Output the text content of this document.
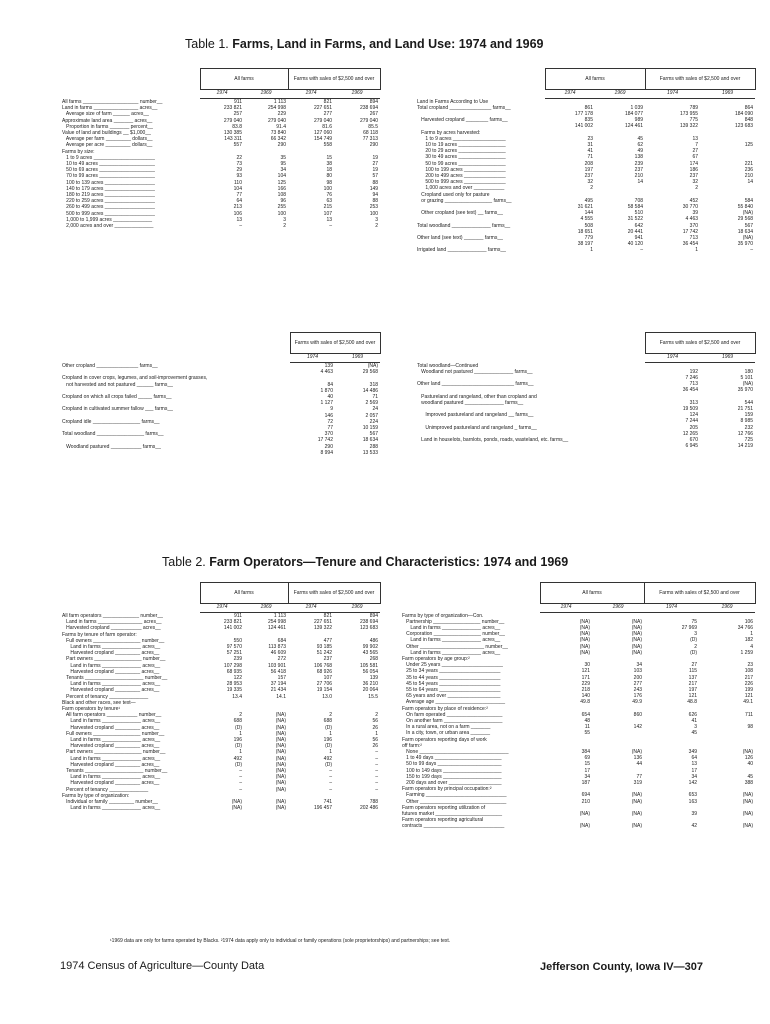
Table 1. Farms, Land in Farms, and Land Use: 1974 and 1969
	All farms		Farms with sales of $2,500 and over	
	1974	1969	1974	1969
All farms ____________________ number__	911	1 113	821	894

Land in farms ________________ acres__	233 821	254 998	227 651	238 694
Average size of farm ______ acres__	257	229	277	267

Approximate land area _______ acres__	279 040	279 040	279 040	279 040
Proportion in farms _______ percent__	83.8	91.4	81.6	85.5

Value of land and buildings __ $1,000__	130 385	73 840	127 060	68 118
Average per farm _________ dollars__	143 311	66 342	154 749	77 313
Average per acre _________ dollars__	557	290	558	290

Farms by size:				
1 to 9 acres ______________________	22	35	15	19
10 to 49 acres ____________________	73	95	38	27
50 to 69 acres ____________________	29	34	18	19
70 to 99 acres ____________________	93	104	80	57
100 to 139 acres __________________	110	125	98	88
140 to 179 acres __________________	104	166	100	149

180 to 219 acres __________________	77	108	76	94
220 to 259 acres __________________	64	96	63	88
260 to 499 acres __________________	213	255	215	253
500 to 999 acres __________________	106	100	107	100
1,000 to 1,999 acres ______________	13	3	13	3
2,000 acres and over ______________	–	2	–	2
	All farms		Farms with sales of $2,500 and over	
	1974	1969	1974	1969
Land in Farms According to Use				
Total cropland _______________ farms__	861	1 039	789	864
	177 178	184 077	173 955	184 090
Harvested cropland ________ farms__	835	989	775	848
	141 002	124 461	139 322	123 683
Farms by acres harvested:				
1 to 9 acres ___________________	23	45	13	
10 to 19 acres _________________	31	62	7	125
20 to 29 acres _________________	41	49	27	
30 to 49 acres _________________	71	138	67	

50 to 99 acres _________________	208	239	174	221
100 to 199 acres _______________	197	237	186	236
200 to 499 acres _______________	237	210	237	210
500 to 999 acres _______________	32	14	32	14
1,000 acres and over ___________	2		2	
Cropland used only for pasture				
or grazing _________________ farms__	495	708	452	584
	31 621	58 584	30 770	55 840
Other cropland (see text) __ farms__	144	510	39	(NA)
	4 555	31 522	4 463	29 568

Total woodland ______________ farms__	508	642	370	567
	18 651	20 441	17 742	18 634
Other land (see text) _______ farms__	779	941	713	(NA)
	38 197	40 120	36 454	35 970
Irrigated land ______________ farms__	1	–	1	–

			Farms with sales of $2,500 and over	
			1974	1969
Other cropland _______________ farms__			139	(NA)
			4 463	29 568
Cropland in cover crops, legumes, and soil-improvement grasses,				
not harvested and not pastured ______ farms__			84	318
			1 870	14 486
Cropland on which all crops failed _____ farms__			40	71
			1 127	2 569

Cropland in cultivated summer fallow ___ farms__			9	24
			146	2 057
Cropland idle _________________ farms__			72	224
			77	10 159

Total woodland _________________ farms__			370	567
			17 742	18 634
Woodland pastured ___________ farms__			290	288
			8 994	13 533
			Farms with sales of $2,500 and over	
			1974	1969
Total woodland—Continued				
Woodland not pastured ______________ farms__			192	180
			7 246	5 101

Other land __________________________ farms__			713	(NA)
			36 454	35 970
Pastureland and rangeland, other than cropland and				
woodland pastured ______________ farms__			313	544
			19 509	21 751

Improved pastureland and rangeland __ farms__			124	159
			7 244	8 985

Unimproved pastureland and rangeland _ farms__			205	232
			12 265	12 766

Land in houselots, barnlots, ponds, roads, wasteland, etc. farms__			670	725
			6 945	14 219
Table 2. Farm Operators—Tenure and Characteristics: 1974 and 1969
	All farms		Farms with sales of $2,500 and over	
	1974	1969	1974	1969
All farm operators _____________ number__	911	1 113	821	894
Land in farms ________________ acres__	233 821	254 998	227 651	238 694
Harvested cropland ___________ acres__	141 002	124 461	139 322	123 683

Farms by tenure of farm operator:				
Full owners _________________ number__	550	684	477	486
Land in farms ______________ acres__	97 570	113 873	93 185	99 902
Harvested cropland _________ acres__	57 251	46 609	51 242	43 565

Part owners _________________ number__	239	272	237	268
Land in farms ______________ acres__	107 298	103 901	106 768	105 581
Harvested cropland _________ acres__	68 935	56 418	68 926	56 054

Tenants _____________________ number__	122	157	107	139
Land in farms ______________ acres__	28 953	37 194	27 706	36 210
Harvested cropland _________ acres__	19 335	21 434	19 154	20 064

Percent of tenancy ______________	13.4	14.1	13.0	15.5

Black and other races, see text—				
Farm operators by tenure¹				
All farm operators ___________ number__	2	(NA)	2	2
Land in farms ______________ acres__	688	(NA)	688	56
Harvested cropland _________ acres__	(D)	(NA)	(D)	26

Full owners _________________ number__	1	(NA)	1	1
Land in farms ______________ acres__	196	(NA)	196	56
Harvested cropland _________ acres__	(D)	(NA)	(D)	26

Part owners _________________ number__	1	(NA)	1	–
Land in farms ______________ acres__	492	(NA)	492	–
Harvested cropland _________ acres__	(D)	(NA)	(D)	–

Tenants _____________________ number__	–	(NA)	–	–
Land in farms ______________ acres__	–	(NA)	–	–
Harvested cropland _________ acres__	–	(NA)	–	–

Percent of tenancy ______________	–	(NA)	–	–

Farms by type of organization:				
Individual or family _________ number__	(NA)	(NA)	741	788
Land in farms ______________ acres__	(NA)	(NA)	196 457	202 486
	All farms		Farms with sales of $2,500 and over	
	1974	1969	1974	1969
Farms by type of organization—Con.				
Partnership _________________ number__	(NA)	(NA)	75	106
Land in farms ______________ acres__	(NA)	(NA)	27 969	34 766

Corporation _________________ number__	(NA)	(NA)	3	1
Land in farms ______________ acres__	(NA)	(NA)	(D)	182

Other _______________________ number__	(NA)	(NA)	2	4
Land in farms ______________ acres__	(NA)	(NA)	(D)	1 259

Farm operators by age group:²				
Under 25 years ______________________	30	34	27	23
25 to 34 years ______________________	121	103	115	108
35 to 44 years ______________________	171	200	137	217
45 to 54 years ______________________	229	277	217	226
55 to 64 years ______________________	218	243	197	199
65 years and over ___________________	140	176	121	121
Average age _________________________	49.8	49.9	48.8	49.1

Farm operators by place of residence:²				
On farm operated ____________________	654	860	626	711
On another farm _____________________	48		41	
In a rural area, not on a farm _______	11	142	3	98
In a city, town, or urban area _______	55		45	

Farm operators reporting days of work				
off farm:²				
None ________________________________	384	(NA)	349	(NA)
1 to 49 days ________________________	69	136	64	126
50 to 99 days _______________________	15	44	13	40
100 to 149 days _____________________	17		17	
150 to 199 days _____________________	34	77	34	45
200 days and over ___________________	187	319	142	388

Farm operators by principal occupation:²				
Farming _____________________________	694	(NA)	653	(NA)
Other _______________________________	210	(NA)	163	(NA)

Farm operators reporting utilization of				
futures market ________________________	(NA)	(NA)	39	(NA)
Farm operators reporting agricultural				
contracts _____________________________	(NA)	(NA)	42	(NA)
¹1969 data are only for farms operated by Blacks. ²1974 data apply only to individual or family operations (sole proprietorships) and partnerships; see text.
1974 Census of Agriculture—County Data	Jefferson County, Iowa IV—307
